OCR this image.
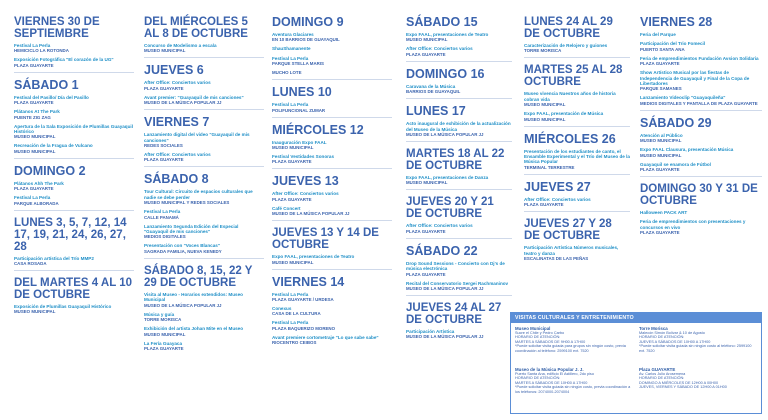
VIERNES 30 DE SEPTIEMBRE
Festival La Perla
HEMICICLO LA ROTONDA
Exposición Fotográfica "El corazón de la UG"
PLAZA GUAYARTE
SÁBADO 1
Festival del Pasillo/ Día del Pasillo
PLAZA GUAYARTE
Plátanos At The Park
PUENTE ZIG ZAG
Apertura de la Sala Exposición de Plumillas Guayaquil Histórico
MUSEO MUNICIPAL
Recreación de la Fragua de Vulcano
MUSEO MUNICIPAL
DOMINGO 2
Plátanos Ahh The Park
PLAZA GUAYARTE
Festival La Perla
PARQUE ALBORADA
LUNES 3, 5, 7, 12, 14 17, 19, 21, 24, 26, 27, 28
Participación artística del Trío MMP2
CASA ROSADA
DEL MARTES 4 AL 10 DE OCTUBRE
Exposición de Plumillas Guayaquil Histórico
MUSEO MUNICIPAL
DEL MIÉRCOLES 5 AL 8 DE OCTUBRE
Concurso de Modelismo a escala
MUSEO MUNICIPAL
JUEVES 6
After Office: Conciertos varios
PLAZA GUAYARTE
Avant premier: "Guayaquil de mis canciones"
MUSEO DE LA MÚSICA POPULAR JJ
VIERNES 7
Lanzamiento digital del video "Guayaquil de mis canciones"
REDES SOCIALES
After Office: Conciertos varios
PLAZA GUAYARTE
SÁBADO 8
Tour Cultural: Circuito de espacios culturales que nadie se debe perder
MUSEO MUNICIPAL Y REDES SOCIALES
Festival La Perla
CALLE PANAMÁ
Lanzamiento Segunda Edición del Especial "Guayaquil de mis canciones"
MEDIOS DIGITALES
Presentación con "Voces Blancas"
SAGRADA FAMILIA, NUEVA KENEDY
SÁBADO 8, 15, 22 Y 29 DE OCTUBRE
Visita al Museo - Horarios extendidos: Museo Municipal
MUSEO DE LA MÚSICA POPULAR JJ
Música y guía
TORRE MORISCA
Exhibición del artista Johan Mite en el Museo
MUSEO MUNICIPAL
La Fería Guayaca
PLAZA GUAYARTE
DOMINGO 9
Aventura Glaciares
EN 10 BARRIOS DE GUAYAQUIL
ShauShamanente
Festival La Perla
PARQUE STELLA MARIS
MUCHO LOTE
LUNES 10
Festival La Perla
POLIFUNCIONAL ZUMAR
MIÉRCOLES 12
Inauguración Expo FAAL
MUSEO MUNICIPAL
Festival Vestidades Sonoras
PLAZA GUAYARTE
JUEVES 13
After Office: Conciertos varios
PLAZA GUAYARTE
Café Concert
MUSEO DE LA MÚSICA POPULAR JJ
JUEVES 13 Y 14 DE OCTUBRE
Expo FAAL, presentaciones de Teatro
MUSEO MUNICIPAL
VIERNES 14
Festival La Perla
PLAZA GUAYARTE / URDESA
Conexus
CASA DE LA CULTURA
Festival La Perla
PLAZA BAQUERIZO MORENO
Avant premiere cortometraje "Lo que sabe sabe"
RIOCENTRO CEIBOS
SÁBADO 15
Expo FAAL, presentaciones de Teatro
MUSEO MUNICIPAL
After Office: Conciertos varios
PLAZA GUAYARTE
DOMINGO 16
Caravana de la Música
BARRIOS DE GUAYAQUIL
LUNES 17
Acto inaugural de exhibición de la actualización del Museo de la Música
MUSEO DE LA MÚSICA POPULAR JJ
MARTES 18 AL 22 DE OCTUBRE
Expo FAAL, presentaciones de Danza
MUSEO MUNICIPAL
JUEVES 20 Y 21 DE OCTUBRE
After Office: Conciertos varios
PLAZA GUAYARTE
SÁBADO 22
Drop Sound Sessions - Concierto con Dj's de música electrónica
PLAZA GUAYARTE
Recital del Conservatorio Sergei Rachmaninov
MUSEO DE LA MÚSICA POPULAR JJ
JUEVES 24 AL 27 DE OCTUBRE
Participación Artística
MUSEO DE LA MÚSICA POPULAR JJ
LUNES 24 AL 29 DE OCTUBRE
Caracterización de Relojero y guiones
TORRE MORISCA
MARTES 25 AL 28 OCTUBRE
Museo vivencia Nuestros años de historia cobran vida
MUSEO MUNICIPAL
Expo FAAL, presentación de Música
MUSEO MUNICIPAL
MIÉRCOLES 26
Presentación de los estudiantes de canto, el Ensamble Experimental y el Trío del Museo de la Música Popular
TERMINAL TERRESTRE
JUEVES 27
After Office: Conciertos varios
PLAZA GUAYARTE
JUEVES 27 Y 28 DE OCTUBRE
Participación Artística Números musicales, teatro y danza
ESCALINATAS DE LAS PEÑAS
VIERNES 28
Feria del Parque
Participación del Trio Fomecil
PUERTO SANTA ANA
Feria de emprendimientos Fundación Avsion Solidaria
PLAZA GUAYARTE
Show Artístico Musical por las fiestas de Independencia de Guayaquil y Final de la Copa de Libertadores
PARQUE SAMANES
Lanzamiento Videoclip "Guayaquileña"
MEDIOS DIGITALES Y PANTALLA DE PLAZA GUAYARTE
SÁBADO 29
Atención al Público
MUSEO MUNICIPAL
Expo FAAL Clausura, presentación Música
MUSEO MUNICIPAL
Guayaquil se enamora de Fútbol
PLAZA GUAYARTE
DOMINGO 30 Y 31 DE OCTUBRE
Halloween PACK ART
Feria de emprendimientos con presentaciones y concursos en vivo
PLAZA GUAYARTE
VISITAS CULTURALES Y ENTRETENIMIENTO
Museo Municipal
Sucre el Chile y Pedro Carbo
HORARIO DE ATENCIÓN:
MARTES A SÁBADOS DE 9H00 A 17H00
*Puede solicitar visita guiada para grupos sin ningún costo, previa coordinación al teléfono: 2599100 ext. 7520
Torre Morisca
Malecón Simón Bolívar & 10 de Agosto
HORARIO DE ATENCIÓN:
JUEVES A SÁBADOS DE 10H00 A 17H00
*Puede solicitar visita guiada sin ningún costo al teléfono: 2599100 ext. 7520
Museo de la Música Popular J. J.
Puerto Santa Ana, edificio El Astillero, 2do piso
HORARIO DE ATENCIÓN:
MARTES A SÁBADOS DE 10H00 A 17H00
*Puede solicitar visita guiada sin ningún costo, previa coordinación a los teléfonos: 2074000-2074004
Plaza GUAYARTE
Av. Carlos Julio Arosemena
HORARIO DE ATENCIÓN:
DOMINGO A MIÉRCOLES DE 12H00 A 00H00
JUEVES, VIERNES Y SÁBADO DE 12H00 A 01H00
